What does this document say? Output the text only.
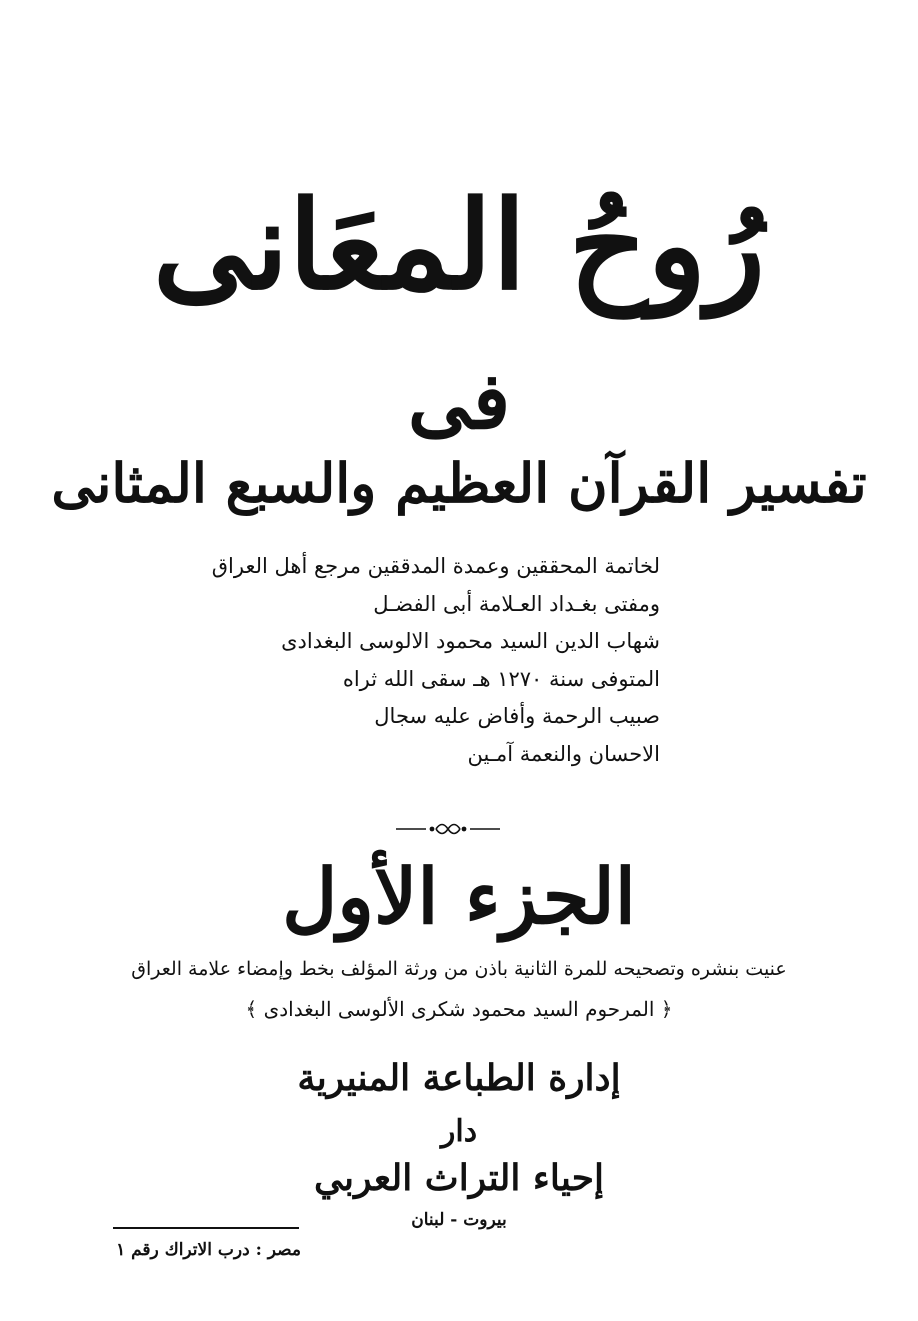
رُوحُ المعَانى
فى
تفسير القرآن العظيم والسبع المثانى
لخاتمة المحققين وعمدة المدققين مرجع أهل العراق
ومفتى بغـداد العـلامة أبى الفضـل
شهاب الدين السيد محمود الالوسى البغدادى
المتوفى سنة ١٢٧٠ هـ سقى الله ثراه
صبيب الرحمة وأفاض عليه سجال
الاحسان والنعمة آمـين
الجزء الأول
عنيت بنشره وتصحيحه للمرة الثانية باذن من ورثة المؤلف بخط وإمضاء علامة العراق
﴿ المرحوم السيد محمود شكرى الألوسى البغدادى ﴾
إدارة الطباعة المنيرية
دار
إحياء التراث العربي
بيروت - لبنان
مصر : درب الاتراك رقم ١
